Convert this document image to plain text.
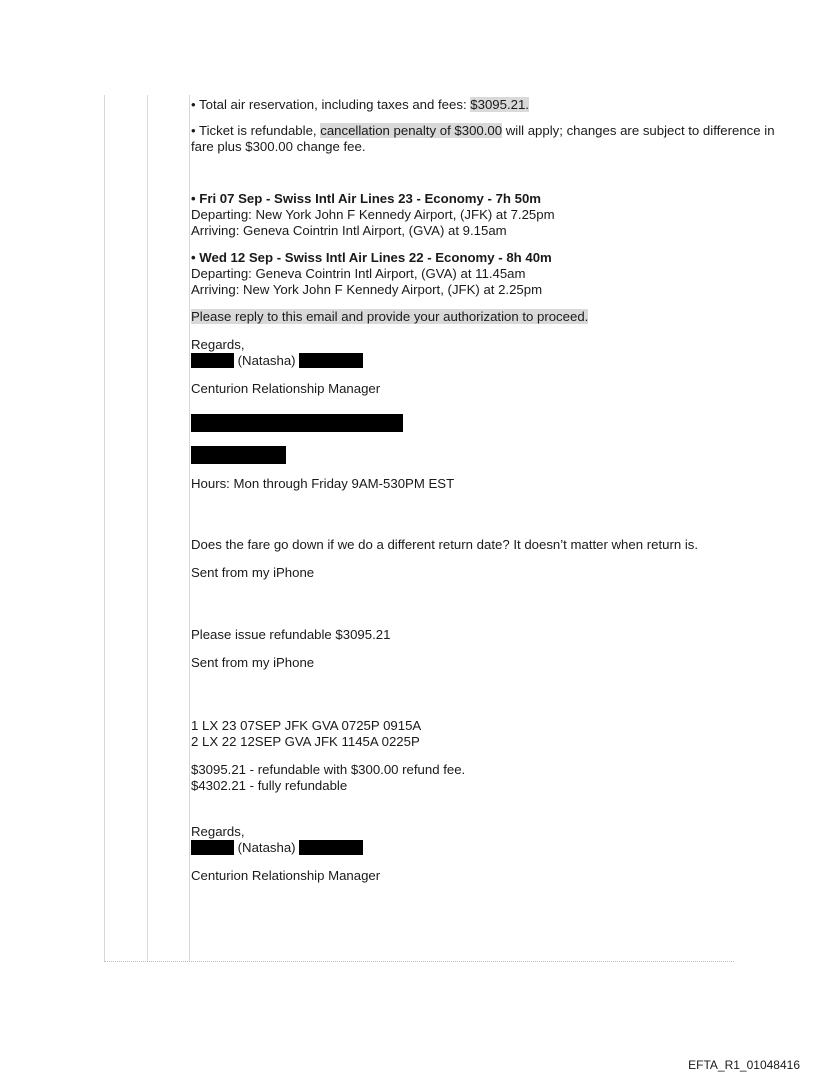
• Total air reservation, including taxes and fees: $3095.21.

• Ticket is refundable, cancellation penalty of $300.00 will apply; changes are subject to difference in

fare plus $300.00 change fee.

• Fri 07 Sep - Swiss Intl Air Lines 23 - Economy - 7h 50m

Departing: New York John F Kennedy Airport, (JFK) at 7.25pm

Arriving: Geneva Cointrin Intl Airport, (GVA) at 9.15am

• Wed 12 Sep - Swiss Intl Air Lines 22 - Economy - 8h 40m

Departing: Geneva Cointrin Intl Airport, (GVA) at 11.45am

Arriving: New York John F Kennedy Airport, (JFK) at 2.25pm

Please reply to this email and provide your authorization to proceed.

Regards,

(Natasha)

Centurion Relationship Manager

Hours: Mon through Friday 9AM-530PM EST

Does the fare go down if we do a different return date? It doesn’t matter when return is.

Sent from my iPhone

Please issue refundable $3095.21

Sent from my iPhone

1 LX 23 07SEP JFK GVA 0725P 0915A

2 LX 22 12SEP GVA JFK 1145A 0225P

$3095.21 - refundable with $300.00 refund fee.

$4302.21 - fully refundable

Regards,

(Natasha)

Centurion Relationship Manager

EFTA_R1_01048416
